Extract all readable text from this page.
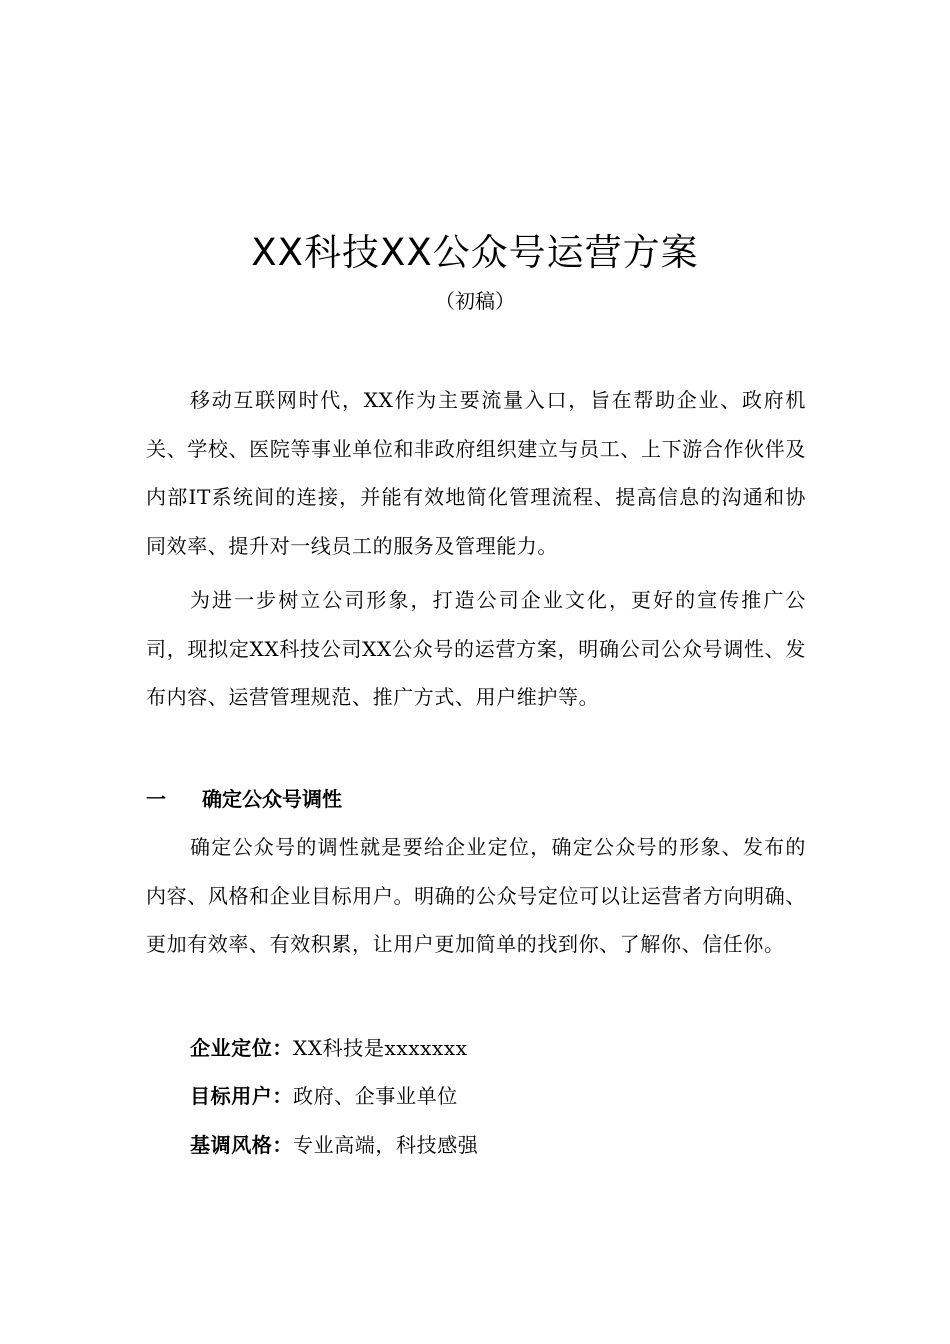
XX科技XX公众号运营方案
（初稿）
移动互联网时代，XX作为主要流量入口，旨在帮助企业、政府机关、学校、医院等事业单位和非政府组织建立与员工、上下游合作伙伴及内部IT系统间的连接，并能有效地简化管理流程、提高信息的沟通和协同效率、提升对一线员工的服务及管理能力。
为进一步树立公司形象，打造公司企业文化，更好的宣传推广公司，现拟定XX科技公司XX公众号的运营方案，明确公司公众号调性、发布内容、运营管理规范、推广方式、用户维护等。
一 确定公众号调性
确定公众号的调性就是要给企业定位，确定公众号的形象、发布的内容、风格和企业目标用户。明确的公众号定位可以让运营者方向明确、更加有效率、有效积累，让用户更加简单的找到你、了解你、信任你。
企业定位：XX科技是xxxxxxx
目标用户：政府、企事业单位
基调风格：专业高端，科技感强
